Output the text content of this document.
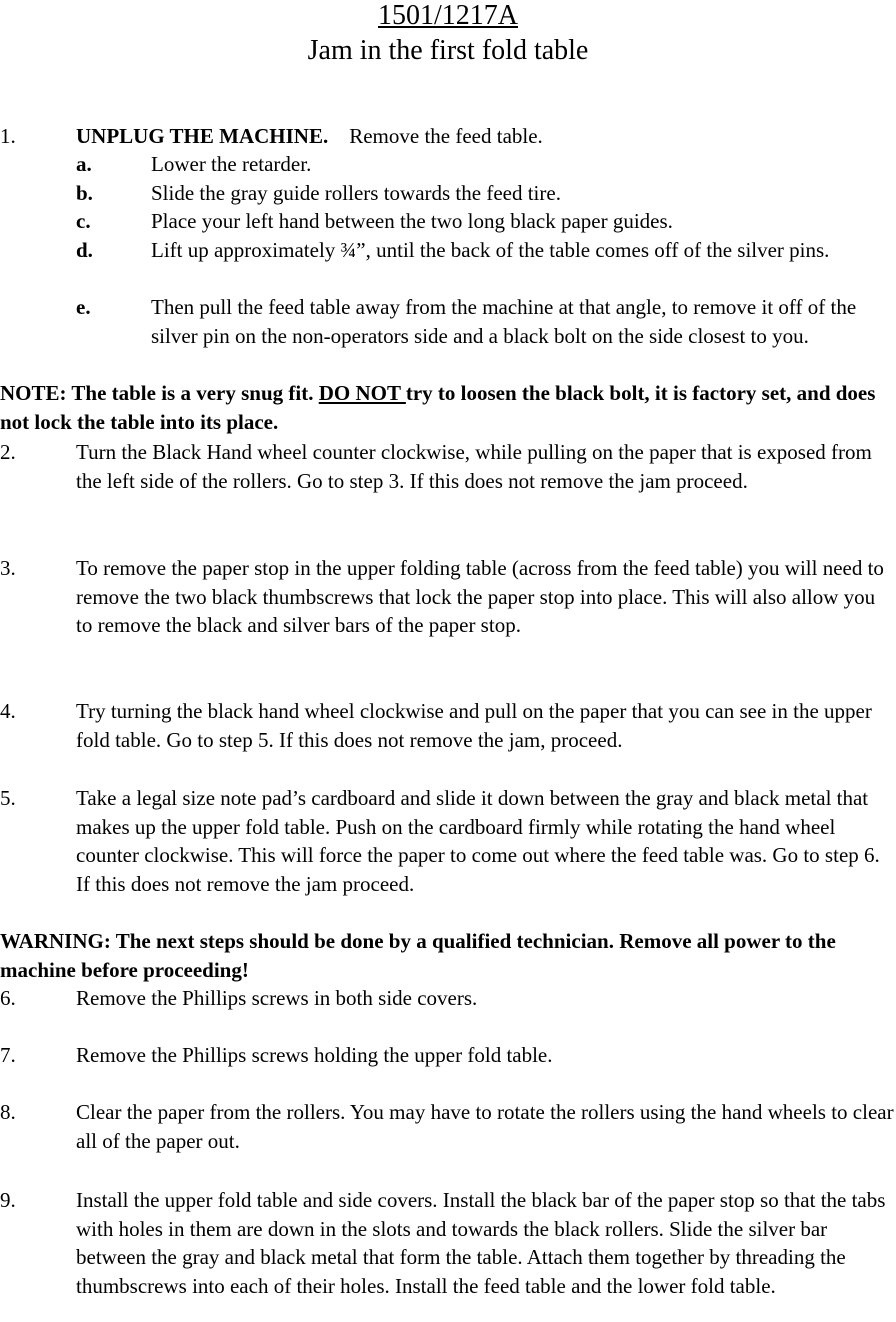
1501/1217A
Jam in the first fold table
1.	UNPLUG THE MACHINE. Remove the feed table.
a.	Lower the retarder.
b.	Slide the gray guide rollers towards the feed tire.
c.	Place your left hand between the two long black paper guides.
d.	Lift up approximately ¾”, until the back of the table comes off of the silver pins.
e.	Then pull the feed table away from the machine at that angle, to remove it off of the silver pin on the non-operators side and a black bolt on the side closest to you.
NOTE: The table is a very snug fit. DO NOT try to loosen the black bolt, it is factory set, and does not lock the table into its place.
2.	Turn the Black Hand wheel counter clockwise, while pulling on the paper that is exposed from the left side of the rollers. Go to step 3. If this does not remove the jam proceed.
3.	To remove the paper stop in the upper folding table (across from the feed table) you will need to remove the two black thumbscrews that lock the paper stop into place. This will also allow you to remove the black and silver bars of the paper stop.
4.	Try turning the black hand wheel clockwise and pull on the paper that you can see in the upper fold table. Go to step 5. If this does not remove the jam, proceed.
5.	Take a legal size note pad’s cardboard and slide it down between the gray and black metal that makes up the upper fold table. Push on the cardboard firmly while rotating the hand wheel counter clockwise. This will force the paper to come out where the feed table was. Go to step 6. If this does not remove the jam proceed.
WARNING: The next steps should be done by a qualified technician. Remove all power to the machine before proceeding!
6.	Remove the Phillips screws in both side covers.
7.	Remove the Phillips screws holding the upper fold table.
8.	Clear the paper from the rollers. You may have to rotate the rollers using the hand wheels to clear all of the paper out.
9.	Install the upper fold table and side covers. Install the black bar of the paper stop so that the tabs with holes in them are down in the slots and towards the black rollers. Slide the silver bar between the gray and black metal that form the table. Attach them together by threading the thumbscrews into each of their holes. Install the feed table and the lower fold table.
